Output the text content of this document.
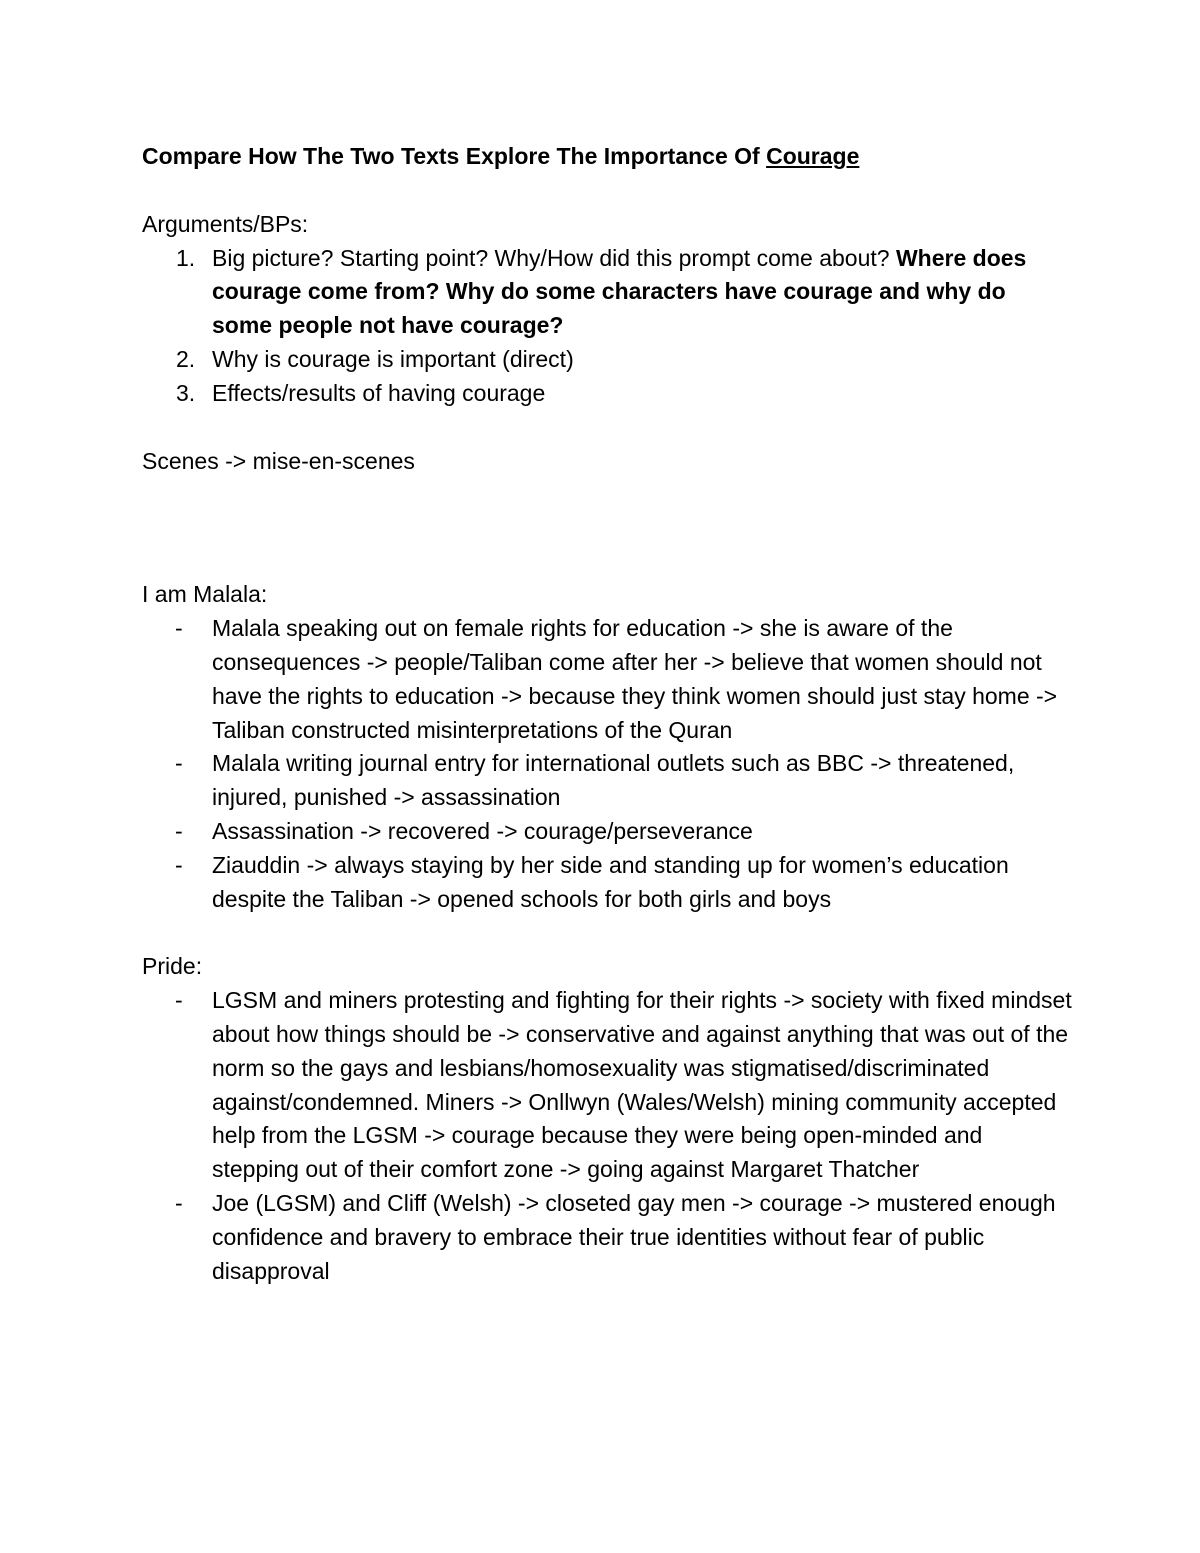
Compare How The Two Texts Explore The Importance Of Courage

Arguments/BPs:

1. Big picture? Starting point? Why/How did this prompt come about? Where does courage come from? Why do some characters have courage and why do some people not have courage?
2. Why is courage is important (direct)
3. Effects/results of having courage

Scenes -> mise-en-scenes

I am Malala:

- Malala speaking out on female rights for education -> she is aware of the consequences -> people/Taliban come after her -> believe that women should not have the rights to education -> because they think women should just stay home -> Taliban constructed misinterpretations of the Quran
- Malala writing journal entry for international outlets such as BBC -> threatened, injured, punished -> assassination
- Assassination -> recovered -> courage/perseverance
- Ziauddin -> always staying by her side and standing up for women’s education despite the Taliban -> opened schools for both girls and boys

Pride:

- LGSM and miners protesting and fighting for their rights -> society with fixed mindset about how things should be -> conservative and against anything that was out of the norm so the gays and lesbians/homosexuality was stigmatised/discriminated against/condemned. Miners -> Onllwyn (Wales/Welsh) mining community accepted help from the LGSM -> courage because they were being open-minded and stepping out of their comfort zone -> going against Margaret Thatcher
- Joe (LGSM) and Cliff (Welsh) -> closeted gay men -> courage -> mustered enough confidence and bravery to embrace their true identities without fear of public disapproval
